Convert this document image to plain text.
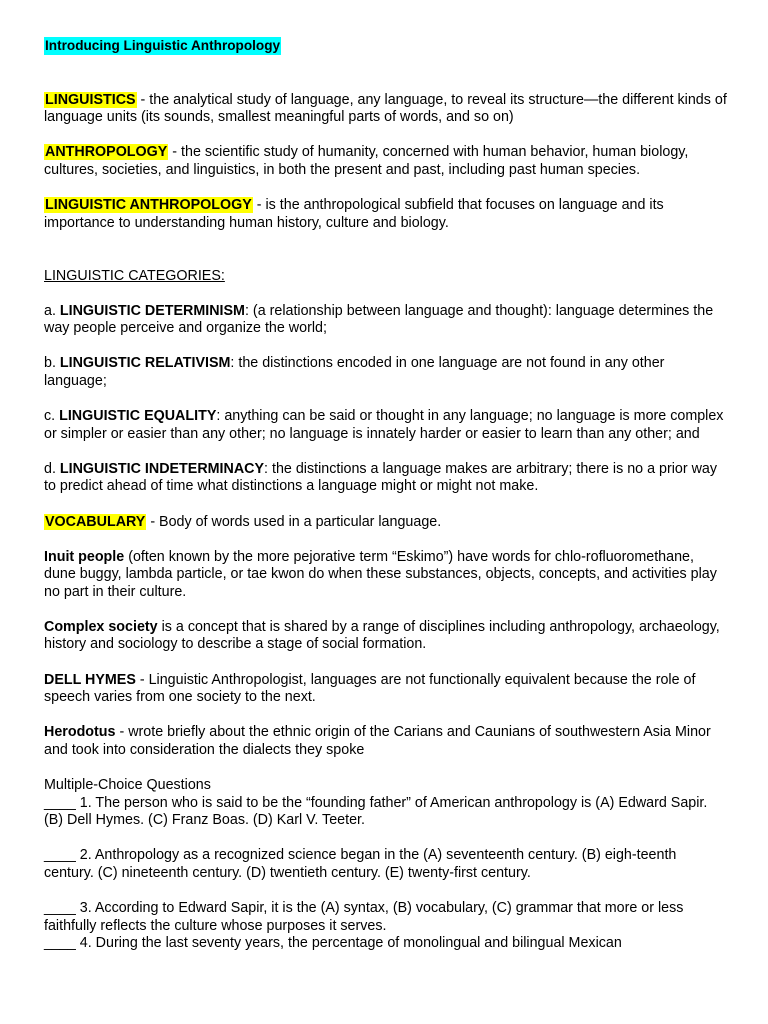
Introducing Linguistic Anthropology

LINGUISTICS - the analytical study of language, any language, to reveal its structure—the different kinds of language units (its sounds, smallest meaningful parts of words, and so on)

ANTHROPOLOGY - the scientific study of humanity, concerned with human behavior, human biology, cultures, societies, and linguistics, in both the present and past, including past human species.

LINGUISTIC ANTHROPOLOGY - is the anthropological subfield that focuses on language and its importance to understanding human history, culture and biology.

LINGUISTIC CATEGORIES:

a. LINGUISTIC DETERMINISM: (a relationship between language and thought): language determines the way people perceive and organize the world;

b. LINGUISTIC RELATIVISM: the distinctions encoded in one language are not found in any other language;

c. LINGUISTIC EQUALITY: anything can be said or thought in any language; no language is more complex or simpler or easier than any other; no language is innately harder or easier to learn than any other; and

d. LINGUISTIC INDETERMINACY: the distinctions a language makes are arbitrary; there is no a prior way to predict ahead of time what distinctions a language might or might not make.

VOCABULARY - Body of words used in a particular language.

Inuit people (often known by the more pejorative term “Eskimo”) have words for chlo-rofluoromethane, dune buggy, lambda particle, or tae kwon do when these substances, objects, concepts, and activities play no part in their culture.

Complex society is a concept that is shared by a range of disciplines including anthropology, archaeology, history and sociology to describe a stage of social formation.

DELL HYMES - Linguistic Anthropologist, languages are not functionally equivalent because the role of speech varies from one society to the next.

Herodotus - wrote briefly about the ethnic origin of the Carians and Caunians of southwestern Asia Minor and took into consideration the dialects they spoke

Multiple-Choice Questions

____ 1. The person who is said to be the “founding father” of American anthropology is (A) Edward Sapir. (B) Dell Hymes. (C) Franz Boas. (D) Karl V. Teeter.

____ 2. Anthropology as a recognized science began in the (A) seventeenth century. (B) eigh-teenth century. (C) nineteenth century. (D) twentieth century. (E) twenty-first century.

____ 3. According to Edward Sapir, it is the (A) syntax, (B) vocabulary, (C) grammar that more or less faithfully reflects the culture whose purposes it serves.

____ 4. During the last seventy years, the percentage of monolingual and bilingual Mexican
